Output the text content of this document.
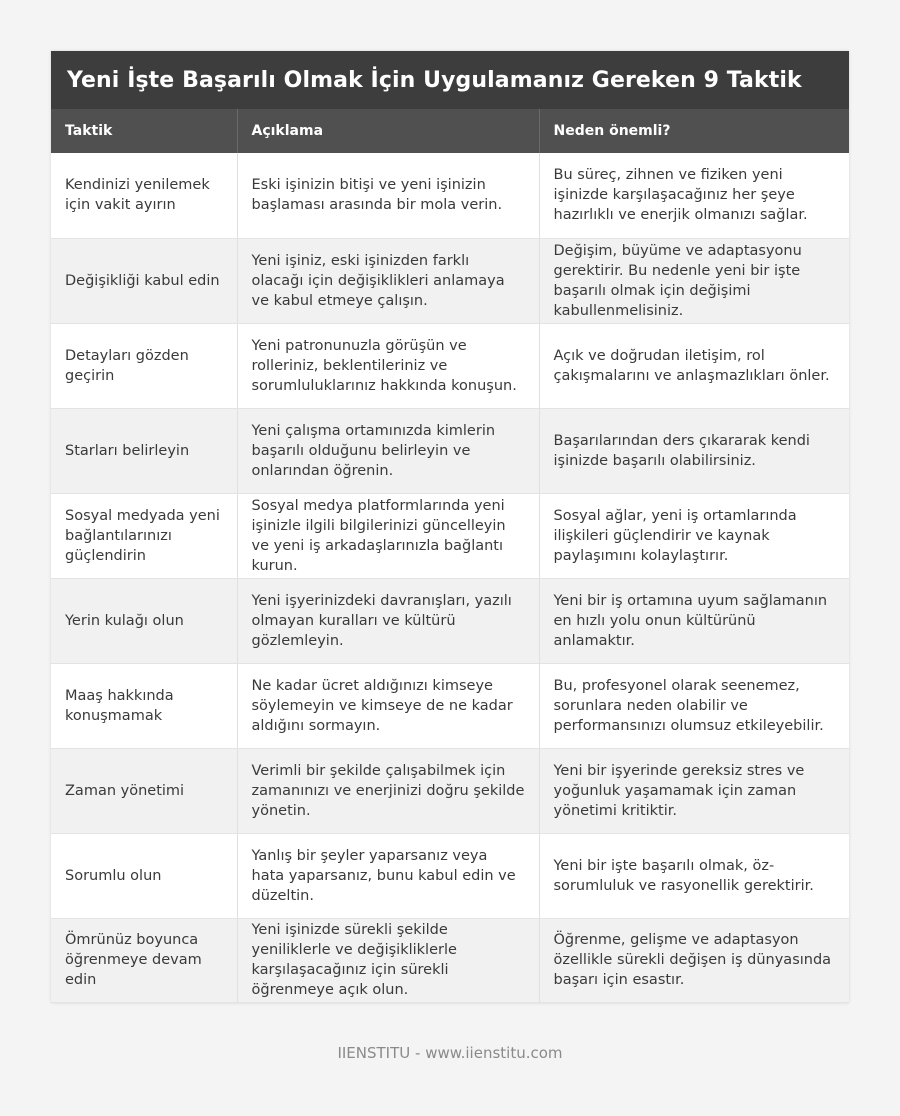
Yeni İşte Başarılı Olmak İçin Uygulamanız Gereken 9 Taktik
Taktik	Açıklama	Neden önemli?
Kendinizi yenilemek için vakit ayırın	Eski işinizin bitişi ve yeni işinizin başlaması arasında bir mola verin.	Bu süreç, zihnen ve fiziken yeni işinizde karşılaşacağınız her şeye hazırlıklı ve enerjik olmanızı sağlar.
Değişikliği kabul edin	Yeni işiniz, eski işinizden farklı olacağı için değişiklikleri anlamaya ve kabul etmeye çalışın.	Değişim, büyüme ve adaptasyonu gerektirir. Bu nedenle yeni bir işte başarılı olmak için değişimi kabullenmelisiniz.
Detayları gözden geçirin	Yeni patronunuzla görüşün ve rolleriniz, beklentileriniz ve sorumluluklarınız hakkında konuşun.	Açık ve doğrudan iletişim, rol çakışmalarını ve anlaşmazlıkları önler.
Starları belirleyin	Yeni çalışma ortamınızda kimlerin başarılı olduğunu belirleyin ve onlarından öğrenin.	Başarılarından ders çıkararak kendi işinizde başarılı olabilirsiniz.
Sosyal medyada yeni bağlantılarınızı güçlendirin	Sosyal medya platformlarında yeni işinizle ilgili bilgilerinizi güncelleyin ve yeni iş arkadaşlarınızla bağlantı kurun.	Sosyal ağlar, yeni iş ortamlarında ilişkileri güçlendirir ve kaynak paylaşımını kolaylaştırır.
Yerin kulağı olun	Yeni işyerinizdeki davranışları, yazılı olmayan kuralları ve kültürü gözlemleyin.	Yeni bir iş ortamına uyum sağlamanın en hızlı yolu onun kültürünü anlamaktır.
Maaş hakkında konuşmamak	Ne kadar ücret aldığınızı kimseye söylemeyin ve kimseye de ne kadar aldığını sormayın.	Bu, profesyonel olarak seenemez, sorunlara neden olabilir ve performansınızı olumsuz etkileyebilir.
Zaman yönetimi	Verimli bir şekilde çalışabilmek için zamanınızı ve enerjinizi doğru şekilde yönetin.	Yeni bir işyerinde gereksiz stres ve yoğunluk yaşamamak için zaman yönetimi kritiktir.
Sorumlu olun	Yanlış bir şeyler yaparsanız veya hata yaparsanız, bunu kabul edin ve düzeltin.	Yeni bir işte başarılı olmak, öz-sorumluluk ve rasyonellik gerektirir.
Ömrünüz boyunca öğrenmeye devam edin	Yeni işinizde sürekli şekilde yeniliklerle ve değişikliklerle karşılaşacağınız için sürekli öğrenmeye açık olun.	Öğrenme, gelişme ve adaptasyon özellikle sürekli değişen iş dünyasında başarı için esastır.
IIENSTITU - www.iienstitu.com
